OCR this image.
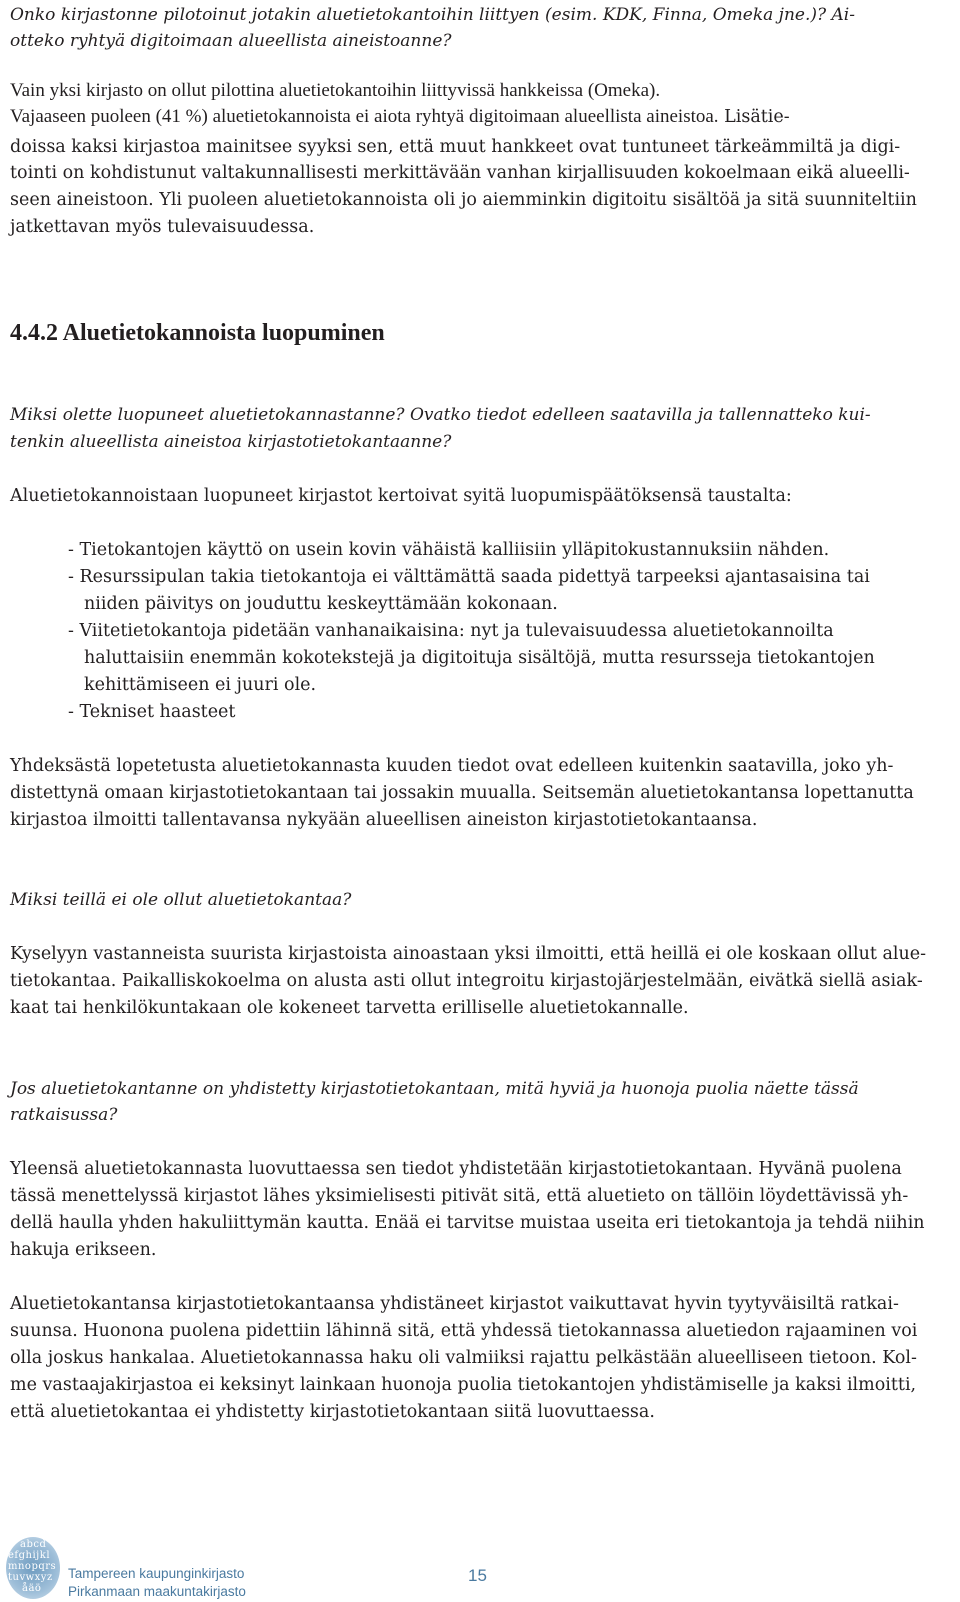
Onko kirjastonne pilotoinut jotakin aluetietokantoihin liittyen (esim. KDK, Finna, Omeka jne.)? Ai-
otteko ryhtyä digitoimaan alueellista aineistoanne?
Vain yksi kirjasto on ollut pilottina aluetietokantoihin liittyvissä hankkeissa (Omeka).
Vajaaseen puoleen (41 %) aluetietokannoista ei aiota ryhtyä digitoimaan alueellista aineistoa. Lisätie-
doissa kaksi kirjastoa mainitsee syyksi sen, että muut hankkeet ovat tuntuneet tärkeämmiltä ja digi-
tointi on kohdistunut valtakunnallisesti merkittävään vanhan kirjallisuuden kokoelmaan eikä alueelli-
seen aineistoon. Yli puoleen aluetietokannoista oli jo aiemminkin digitoitu sisältöä ja sitä suunniteltiin
jatkettavan myös tulevaisuudessa.
4.4.2 Aluetietokannoista luopuminen
Miksi olette luopuneet aluetietokannastanne? Ovatko tiedot edelleen saatavilla ja tallennatteko kui-
tenkin alueellista aineistoa kirjastotietokantaanne?
Aluetietokannoistaan luopuneet kirjastot kertoivat syitä luopumispäätöksensä taustalta:
- Tietokantojen käyttö on usein kovin vähäistä kalliisiin ylläpitokustannuksiin nähden.
- Resurssipulan takia tietokantoja ei välttämättä saada pidettyä tarpeeksi ajantasaisina tai
niiden päivitys on jouduttu keskeyttämään kokonaan.
- Viitetietokantoja pidetään vanhanaikaisina: nyt ja tulevaisuudessa aluetietokannoilta
haluttaisiin enemmän kokotekstejä ja digitoituja sisältöjä, mutta resursseja tietokantojen
kehittämiseen ei juuri ole.
- Tekniset haasteet
Yhdeksästä lopetetusta aluetietokannasta kuuden tiedot ovat edelleen kuitenkin saatavilla, joko yh-
distettynä omaan kirjastotietokantaan tai jossakin muualla. Seitsemän aluetietokantansa lopettanutta
kirjastoa ilmoitti tallentavansa nykyään alueellisen aineiston kirjastotietokantaansa.
Miksi teillä ei ole ollut aluetietokantaa?
Kyselyyn vastanneista suurista kirjastoista ainoastaan yksi ilmoitti, että heillä ei ole koskaan ollut alue-
tietokantaa. Paikalliskokoelma on alusta asti ollut integroitu kirjastojärjestelmään, eivätkä siellä asiak-
kaat tai henkilökuntakaan ole kokeneet tarvetta erilliselle aluetietokannalle.
Jos aluetietokantanne on yhdistetty kirjastotietokantaan, mitä hyviä ja huonoja puolia näette tässä
ratkaisussa?
Yleensä aluetietokannasta luovuttaessa sen tiedot yhdistetään kirjastotietokantaan. Hyvänä puolena
tässä menettelyssä kirjastot lähes yksimielisesti pitivät sitä, että aluetieto on tällöin löydettävissä yh-
dellä haulla yhden hakuliittymän kautta. Enää ei tarvitse muistaa useita eri tietokantoja ja tehdä niihin
hakuja erikseen.
Aluetietokantansa kirjastotietokantaansa yhdistäneet kirjastot vaikuttavat hyvin tyytyväisiltä ratkai-
suunsa. Huonona puolena pidettiin lähinnä sitä, että yhdessä tietokannassa aluetiedon rajaaminen voi
olla joskus hankalaa. Aluetietokannassa haku oli valmiiksi rajattu pelkästään alueelliseen tietoon. Kol-
me vastaajakirjastoa ei keksinyt lainkaan huonoja puolia tietokantojen yhdistämiselle ja kaksi ilmoitti,
että aluetietokantaa ei yhdistetty kirjastotietokantaan siitä luovuttaessa.
abcd
efghijkl
mnopqrs
tuvwxyz
åäö
Tampereen kaupunginkirjasto
Pirkanmaan maakuntakirjasto
15
